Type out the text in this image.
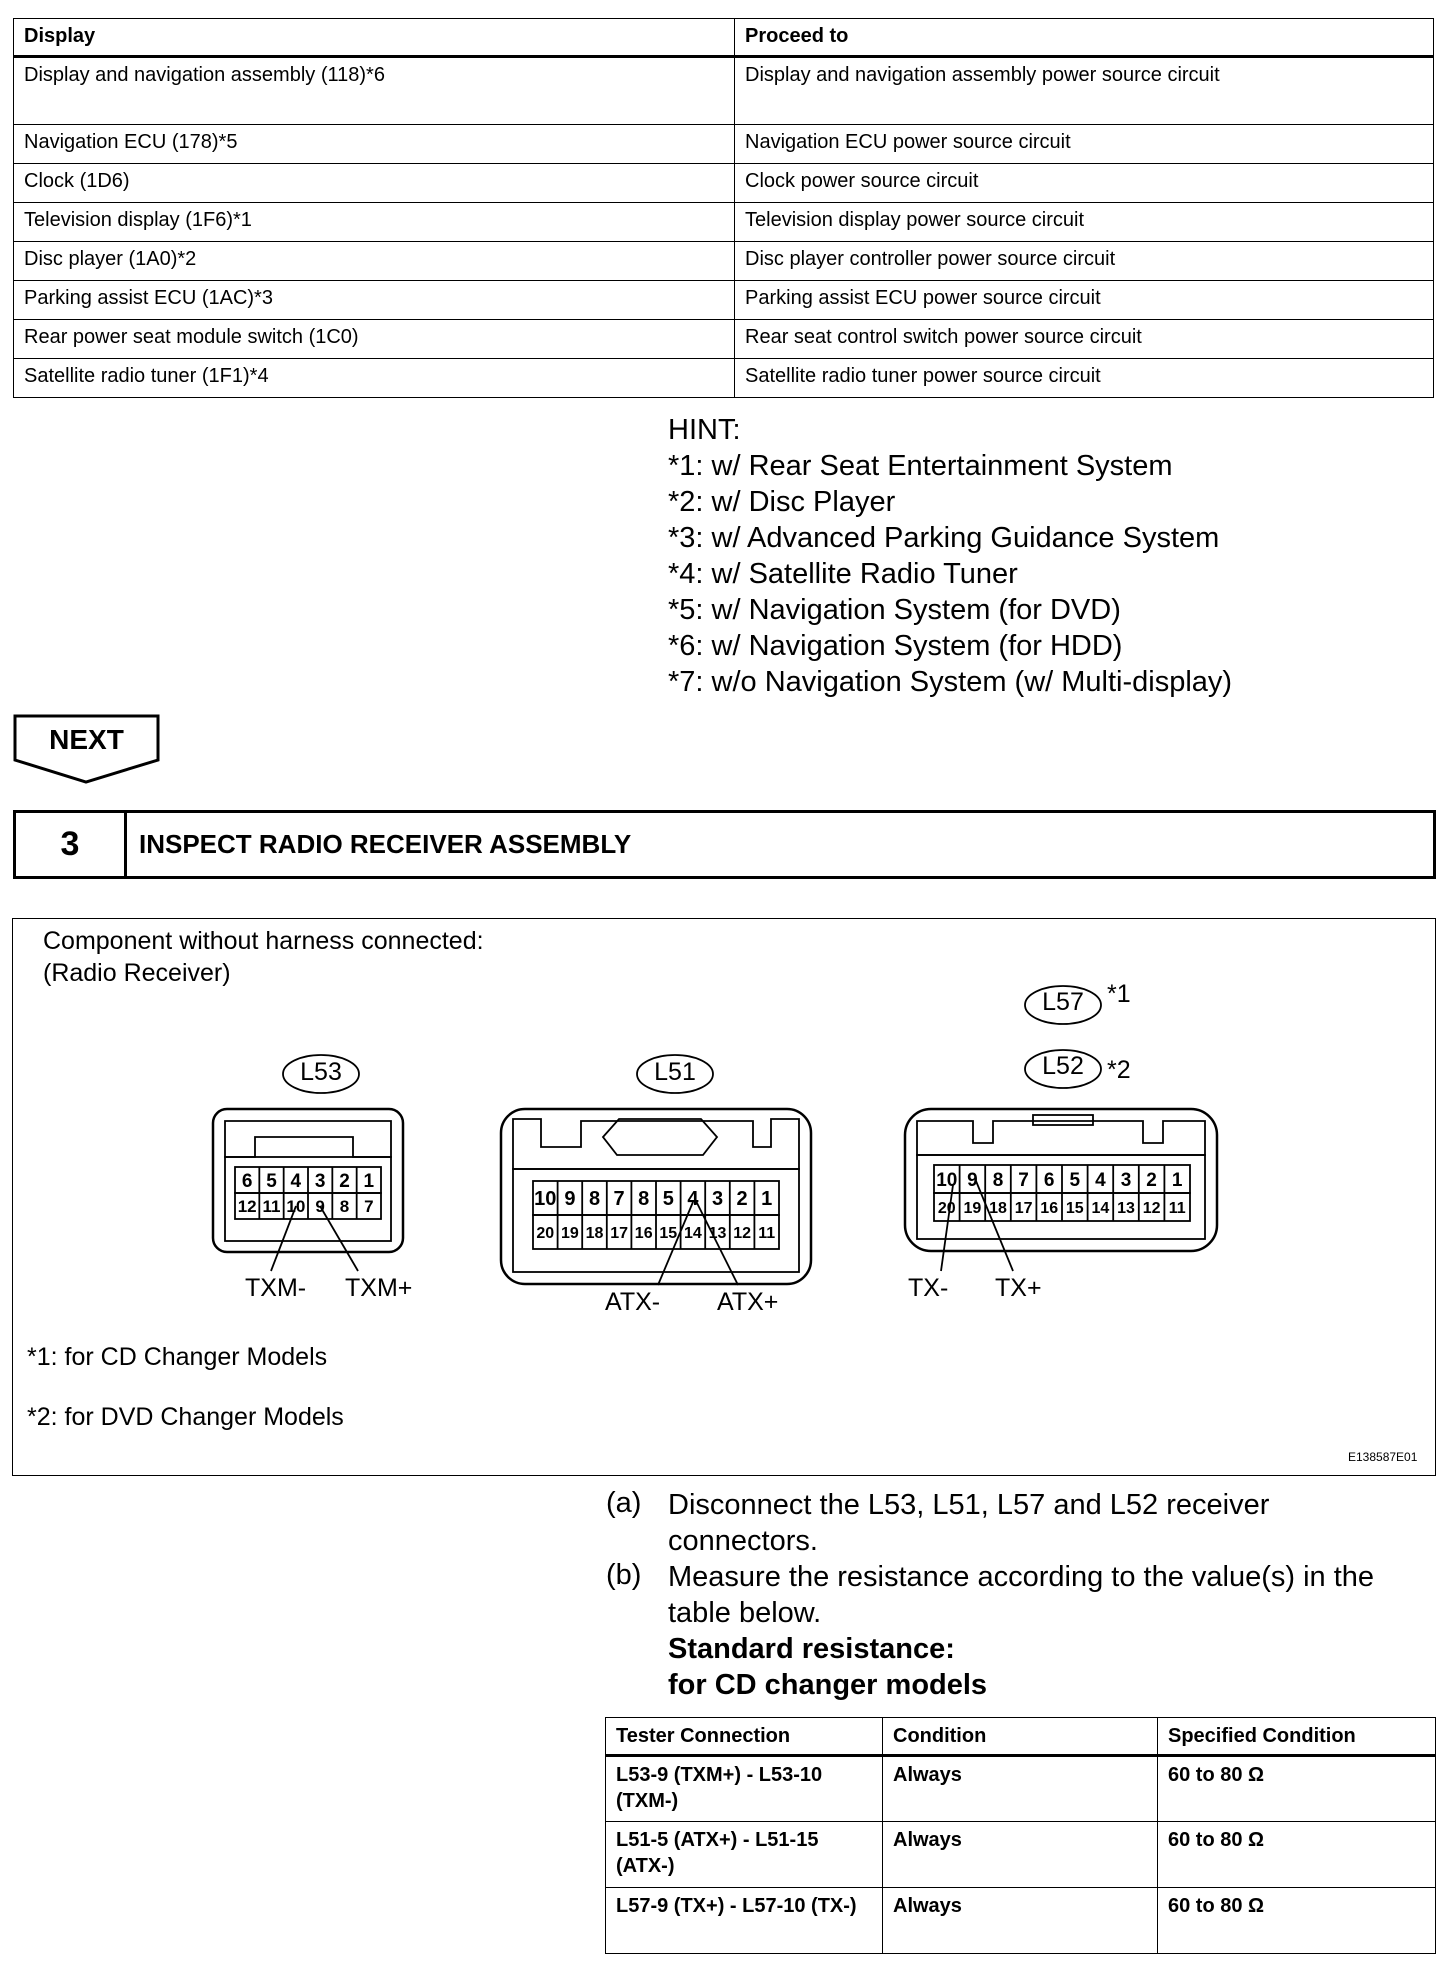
Display	Proceed to
Display and navigation assembly (118)*6	Display and navigation assembly power source circuit
Navigation ECU (178)*5	Navigation ECU power source circuit
Clock (1D6)	Clock power source circuit
Television display (1F6)*1	Television display power source circuit
Disc player (1A0)*2	Disc player controller power source circuit
Parking assist ECU (1AC)*3	Parking assist ECU power source circuit
Rear power seat module switch (1C0)	Rear seat control switch power source circuit
Satellite radio tuner (1F1)*4	Satellite radio tuner power source circuit
HINT:
*1: w/ Rear Seat Entertainment System
*2: w/ Disc Player
*3: w/ Advanced Parking Guidance System
*4: w/ Satellite Radio Tuner
*5: w/ Navigation System (for DVD)
*6: w/ Navigation System (for HDD)
*7: w/o Navigation System (w/ Multi-display)
NEXT
3	INSPECT RADIO RECEIVER ASSEMBLY
6 5 4 3 2 1
12 11 10 9 8 7	10 9 8 7 8 5 4 3 2 1
20 19 18 17 16 15 14 13 12 11
10 9 8 7 6 5 4 3 2 1
20 19 18 17 16 15 14 13 12 11
Component without harness connected:
(Radio Receiver)
L53	L51
L57 *1
L52 *2
TXM- TXM+	ATX- ATX+	TX- TX+
*1: for CD Changer Models
*2: for DVD Changer Models
E138587E01
(a) Disconnect the L53, L51, L57 and L52 receiver
connectors.
(b) Measure the resistance according to the value(s) in the
table below.
Standard resistance:
for CD changer models
Tester Connection	Condition	Specified Condition
L53-9 (TXM+) - L53-10 (TXM-)	Always	60 to 80 Ω
L51-5 (ATX+) - L51-15 (ATX-)	Always	60 to 80 Ω
L57-9 (TX+) - L57-10 (TX-)	Always	60 to 80 Ω
